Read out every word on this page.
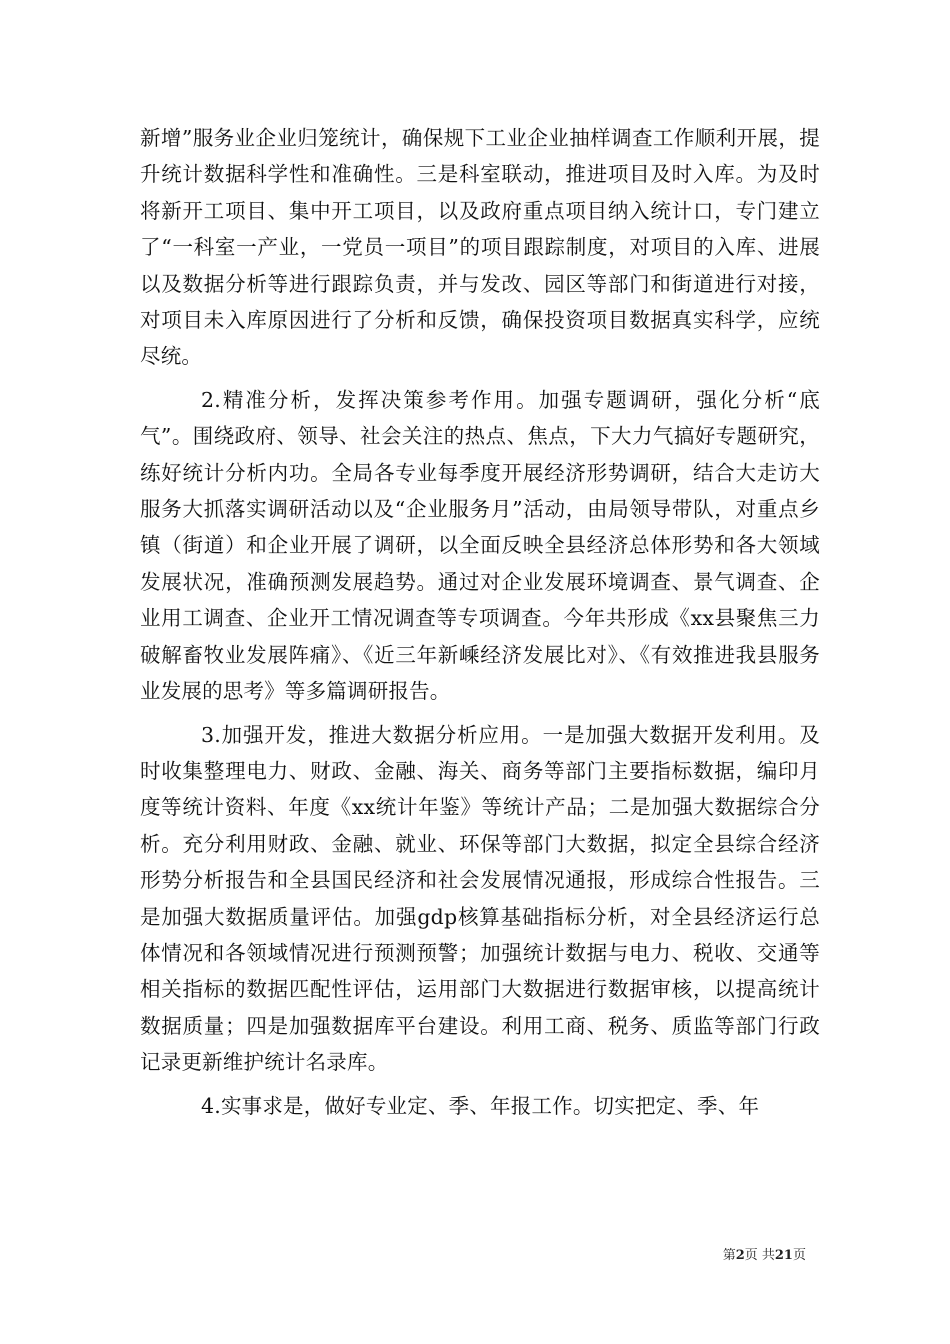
新增”服务业企业归笼统计，确保规下工业企业抽样调查工作顺利开展，提升统计数据科学性和准确性。三是科室联动，推进项目及时入库。为及时将新开工项目、集中开工项目，以及政府重点项目纳入统计口，专门建立了“一科室一产业，一党员一项目”的项目跟踪制度，对项目的入库、进展以及数据分析等进行跟踪负责，并与发改、园区等部门和街道进行对接，对项目未入库原因进行了分析和反馈，确保投资项目数据真实科学，应统尽统。

2.精准分析，发挥决策参考作用。加强专题调研，强化分析“底气”。围绕政府、领导、社会关注的热点、焦点，下大力气搞好专题研究，练好统计分析内功。全局各专业每季度开展经济形势调研，结合大走访大服务大抓落实调研活动以及“企业服务月”活动，由局领导带队，对重点乡镇（街道）和企业开展了调研，以全面反映全县经济总体形势和各大领域发展状况，准确预测发展趋势。通过对企业发展环境调查、景气调查、企业用工调查、企业开工情况调查等专项调查。今年共形成《xx县聚焦三力破解畜牧业发展阵痛》、《近三年新嵊经济发展比对》、《有效推进我县服务业发展的思考》等多篇调研报告。

3.加强开发，推进大数据分析应用。一是加强大数据开发利用。及时收集整理电力、财政、金融、海关、商务等部门主要指标数据，编印月度等统计资料、年度《xx统计年鉴》等统计产品；二是加强大数据综合分析。充分利用财政、金融、就业、环保等部门大数据，拟定全县综合经济形势分析报告和全县国民经济和社会发展情况通报，形成综合性报告。三是加强大数据质量评估。加强gdp核算基础指标分析，对全县经济运行总体情况和各领域情况进行预测预警；加强统计数据与电力、税收、交通等相关指标的数据匹配性评估，运用部门大数据进行数据审核，以提高统计数据质量；四是加强数据库平台建设。利用工商、税务、质监等部门行政记录更新维护统计名录库。

4.实事求是，做好专业定、季、年报工作。切实把定、季、年

第2页 共21页
